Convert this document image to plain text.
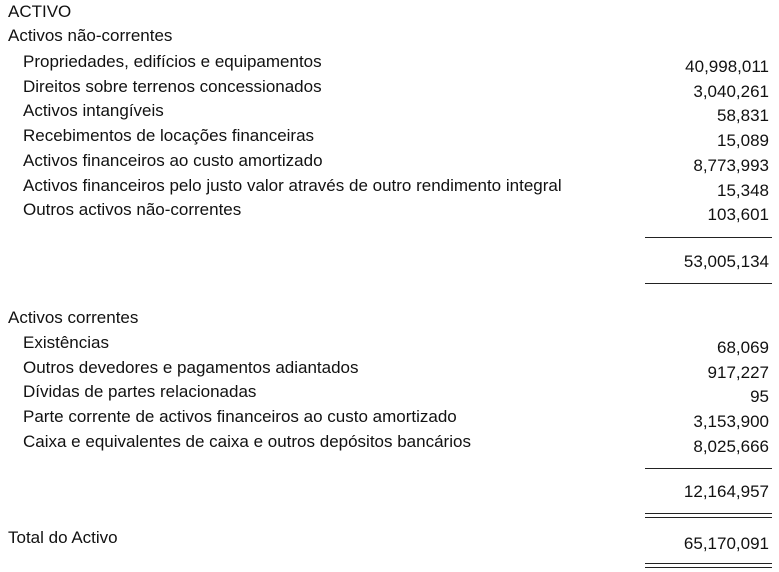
ACTIVO
Activos não-correntes
Propriedades, edifícios e equipamentos	40,998,011
Direitos sobre terrenos concessionados	3,040,261
Activos intangíveis	58,831
Recebimentos de locações financeiras	15,089
Activos financeiros ao custo amortizado	8,773,993
Activos financeiros pelo justo valor através de outro rendimento integral	15,348
Outros activos não-correntes	103,601
53,005,134
Activos correntes
Existências	68,069
Outros devedores e pagamentos adiantados	917,227
Dívidas de partes relacionadas	95
Parte corrente de activos financeiros ao custo amortizado	3,153,900
Caixa e equivalentes de caixa e outros depósitos bancários	8,025,666
12,164,957
Total do Activo	65,170,091
